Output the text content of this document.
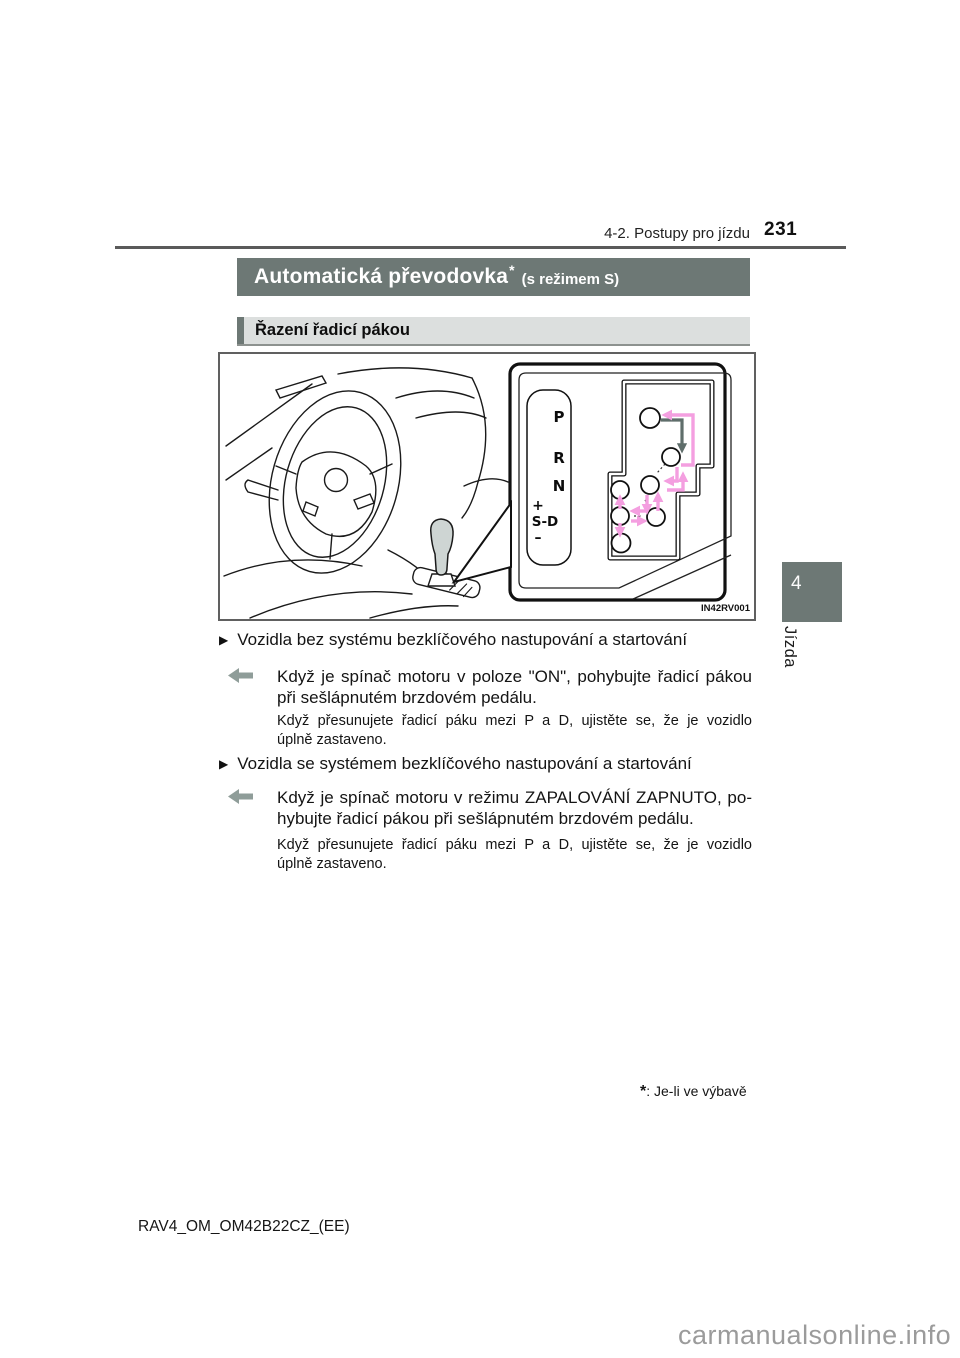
4-2. Postupy pro jízdu 231
Automatická převodovka *
(s režimem S)
Řazení řadicí pákou
P
R
N
+
S-D
–
IN42RV001
▶ Vozidla bez systému bezklíčového nastupování a startování
Když je spínač motoru v poloze "ON", pohybujte řadicí pákou
při sešlápnutém brzdovém pedálu.
Když přesunujete řadicí páku mezi P a D, ujistěte se, že je vozidlo
úplně zastaveno.
▶ Vozidla se systémem bezklíčového nastupování a startování
Když je spínač motoru v režimu ZAPALOVÁNÍ ZAPNUTO, po-
hybujte řadicí pákou při sešlápnutém brzdovém pedálu.
Když přesunujete řadicí páku mezi P a D, ujistěte se, že je vozidlo
úplně zastaveno.
*: Je-li ve výbavě
RAV4_OM_OM42B22CZ_(EE)
carmanualsonline.info
4
Jízda
